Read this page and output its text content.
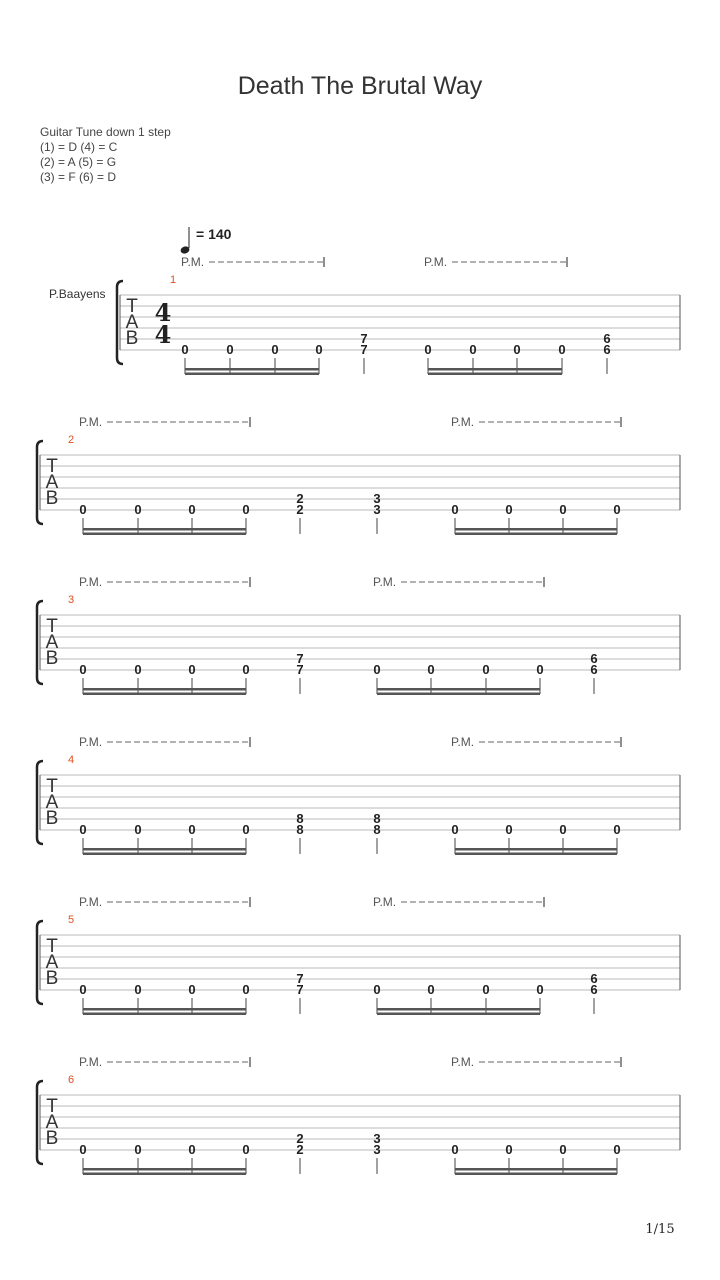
Death The Brutal Way
Guitar Tune down 1 step
(1) = D (4) = C
(2) = A (5) = G
(3) = F (6) = D
= 140
P.Baayens
T
A
B
4
4
1
P.M.	P.M.
0	0	0	0
7
7	0	0	0	0
6
6
T
A
B
2
P.M.	P.M.
0	0	0	0
2
2
3
3	0	0	0	0
T
A
B
3
P.M.	P.M.
0	0	0	0
7
7	0	0	0	0
6
6
T
A
B
4
P.M.	P.M.
0	0	0	0
8
8
8
8	0	0	0	0
T
A
B
5
P.M.	P.M.
0	0	0	0
7
7	0	0	0	0
6
6
T
A
B
6
P.M.	P.M.
0	0	0	0
2
2
3
3	0	0	0	0
1/15
